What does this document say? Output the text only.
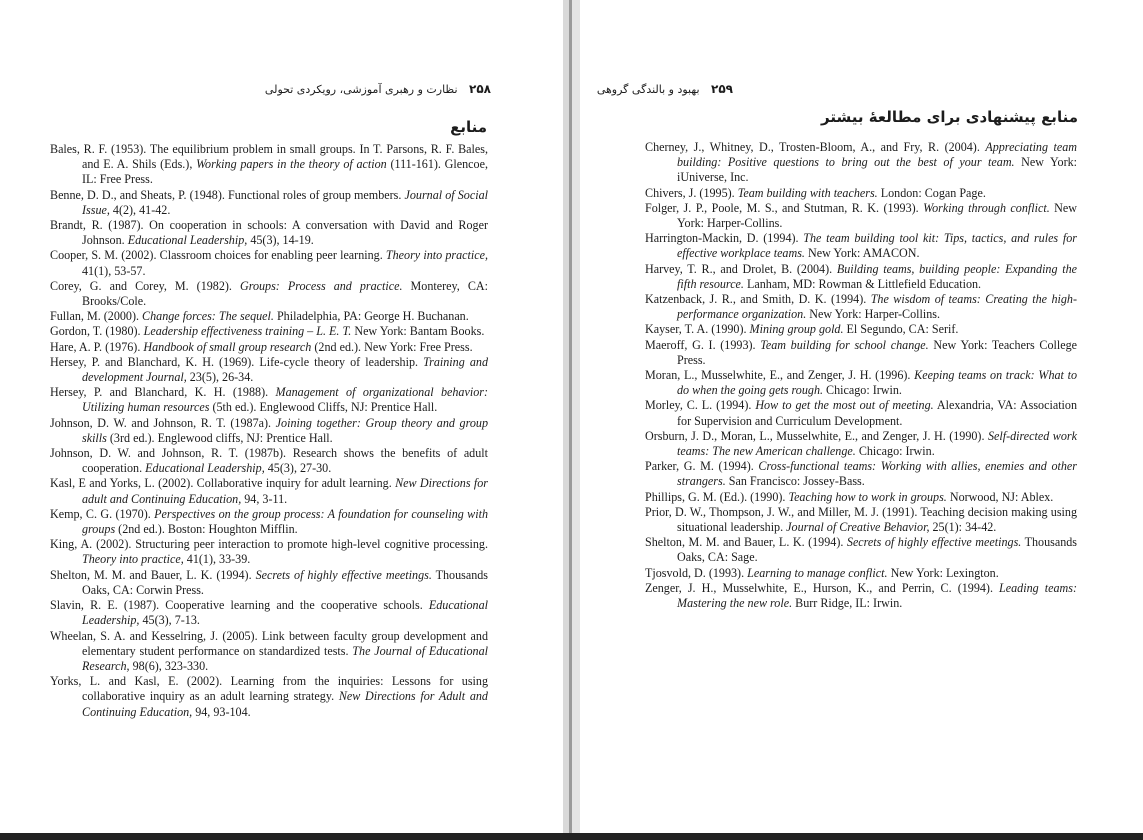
۲۵۸ نظارت و رهبری آموزشی، رویکردی تحولی
منابع
Bales, R. F. (1953). The equilibrium problem in small groups. In T. Parsons, R. F. Bales, and E. A. Shils (Eds.), Working papers in the theory of action (111-161). Glencoe, IL: Free Press.
Benne, D. D., and Sheats, P. (1948). Functional roles of group members. Journal of Social Issue, 4(2), 41-42.
Brandt, R. (1987). On cooperation in schools: A conversation with David and Roger Johnson. Educational Leadership, 45(3), 14-19.
Cooper, S. M. (2002). Classroom choices for enabling peer learning. Theory into practice, 41(1), 53-57.
Corey, G. and Corey, M. (1982). Groups: Process and practice. Monterey, CA: Brooks/Cole.
Fullan, M. (2000). Change forces: The sequel. Philadelphia, PA: George H. Buchanan.
Gordon, T. (1980). Leadership effectiveness training – L. E. T. New York: Bantam Books.
Hare, A. P. (1976). Handbook of small group research (2nd ed.). New York: Free Press.
Hersey, P. and Blanchard, K. H. (1969). Life-cycle theory of leadership. Training and development Journal, 23(5), 26-34.
Hersey, P. and Blanchard, K. H. (1988). Management of organizational behavior: Utilizing human resources (5th ed.). Englewood Cliffs, NJ: Prentice Hall.
Johnson, D. W. and Johnson, R. T. (1987a). Joining together: Group theory and group skills (3rd ed.). Englewood cliffs, NJ: Prentice Hall.
Johnson, D. W. and Johnson, R. T. (1987b). Research shows the benefits of adult cooperation. Educational Leadership, 45(3), 27-30.
Kasl, E and Yorks, L. (2002). Collaborative inquiry for adult learning. New Directions for adult and Continuing Education, 94, 3-11.
Kemp, C. G. (1970). Perspectives on the group process: A foundation for counseling with groups (2nd ed.). Boston: Houghton Mifflin.
King, A. (2002). Structuring peer interaction to promote high-level cognitive processing. Theory into practice, 41(1), 33-39.
Shelton, M. M. and Bauer, L. K. (1994). Secrets of highly effective meetings. Thousands Oaks, CA: Corwin Press.
Slavin, R. E. (1987). Cooperative learning and the cooperative schools. Educational Leadership, 45(3), 7-13.
Wheelan, S. A. and Kesselring, J. (2005). Link between faculty group development and elementary student performance on standardized tests. The Journal of Educational Research, 98(6), 323-330.
Yorks, L. and Kasl, E. (2002). Learning from the inquiries: Lessons for using collaborative inquiry as an adult learning strategy. New Directions for Adult and Continuing Education, 94, 93-104.
۲۵۹ بهبود و بالندگی گروهی
منابع پیشنهادی برای مطالعهٔ بیشتر
Cherney, J., Whitney, D., Trosten-Bloom, A., and Fry, R. (2004). Appreciating team building: Positive questions to bring out the best of your team. New York: iUniverse, Inc.
Chivers, J. (1995). Team building with teachers. London: Cogan Page.
Folger, J. P., Poole, M. S., and Stutman, R. K. (1993). Working through conflict. New York: Harper-Collins.
Harrington-Mackin, D. (1994). The team building tool kit: Tips, tactics, and rules for effective workplace teams. New York: AMACON.
Harvey, T. R., and Drolet, B. (2004). Building teams, building people: Expanding the fifth resource. Lanham, MD: Rowman & Littlefield Education.
Katzenback, J. R., and Smith, D. K. (1994). The wisdom of teams: Creating the high-performance organization. New York: Harper-Collins.
Kayser, T. A. (1990). Mining group gold. El Segundo, CA: Serif.
Maeroff, G. I. (1993). Team building for school change. New York: Teachers College Press.
Moran, L., Musselwhite, E., and Zenger, J. H. (1996). Keeping teams on track: What to do when the going gets rough. Chicago: Irwin.
Morley, C. L. (1994). How to get the most out of meeting. Alexandria, VA: Association for Supervision and Curriculum Development.
Orsburn, J. D., Moran, L., Musselwhite, E., and Zenger, J. H. (1990). Self-directed work teams: The new American challenge. Chicago: Irwin.
Parker, G. M. (1994). Cross-functional teams: Working with allies, enemies and other strangers. San Francisco: Jossey-Bass.
Phillips, G. M. (Ed.). (1990). Teaching how to work in groups. Norwood, NJ: Ablex.
Prior, D. W., Thompson, J. W., and Miller, M. J. (1991). Teaching decision making using situational leadership. Journal of Creative Behavior, 25(1): 34-42.
Shelton, M. M. and Bauer, L. K. (1994). Secrets of highly effective meetings. Thousands Oaks, CA: Sage.
Tjosvold, D. (1993). Learning to manage conflict. New York: Lexington.
Zenger, J. H., Musselwhite, E., Hurson, K., and Perrin, C. (1994). Leading teams: Mastering the new role. Burr Ridge, IL: Irwin.
